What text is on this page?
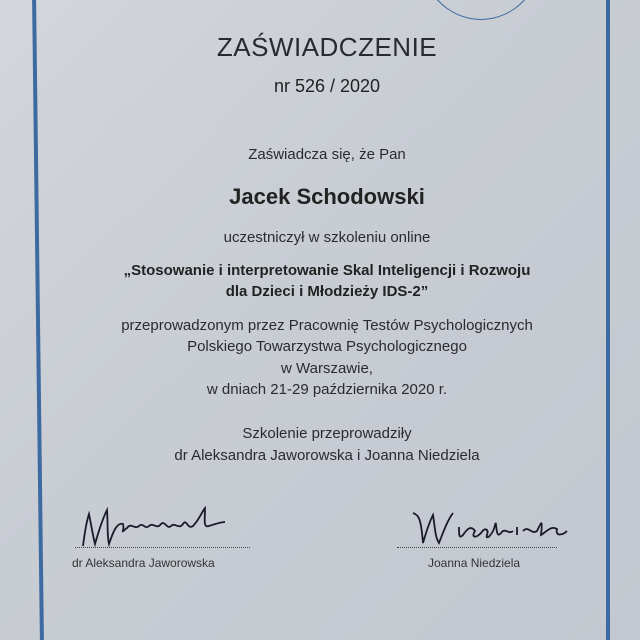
ZAŚWIADCZENIE
nr 526 / 2020
Zaświadcza się, że Pan
Jacek Schodowski
uczestniczył w szkoleniu online
„Stosowanie i interpretowanie Skal Inteligencji i Rozwoju
dla Dzieci i Młodzieży IDS-2”
przeprowadzonym przez Pracownię Testów Psychologicznych
Polskiego Towarzystwa Psychologicznego
w Warszawie,
w dniach 21-29 października 2020 r.
Szkolenie przeprowadziły
dr Aleksandra Jaworowska i Joanna Niedziela
dr Aleksandra Jaworowska	Joanna Niedziela
